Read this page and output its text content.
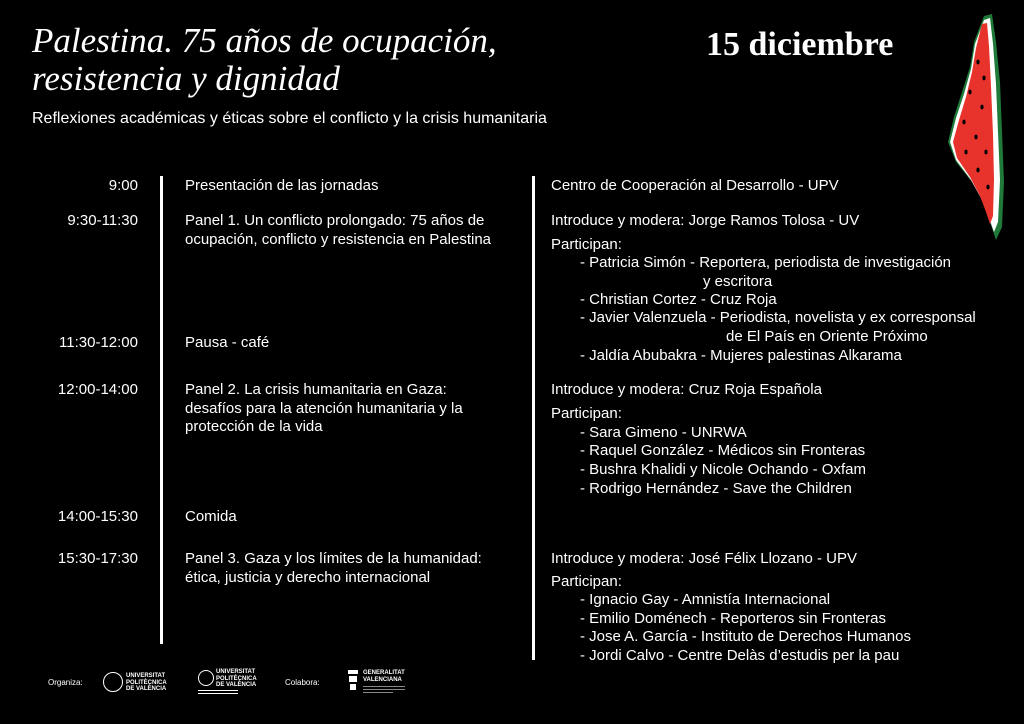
Palestina. 75 años de ocupación,
resistencia y dignidad
15 diciembre
Reflexiones académicas y éticas sobre el conflicto y la crisis humanitaria
9:00
9:30-11:30
11:30-12:00
12:00-14:00
14:00-15:30
15:30-17:30
Presentación de las jornadas
Panel 1. Un conflicto prolongado: 75 años de
ocupación, conflicto y resistencia en Palestina
Pausa - café
Panel 2. La crisis humanitaria en Gaza:
desafíos para la atención humanitaria y la
protección de la vida
Comida
Panel 3. Gaza y los límites de la humanidad:
ética, justicia y derecho internacional
Centro de Cooperación al Desarrollo - UPV
Introduce y modera: Jorge Ramos Tolosa - UV
Participan:
- Patricia Simón - Reportera, periodista de investigación
y escritora
- Christian Cortez - Cruz Roja
- Javier Valenzuela - Periodista, novelista y ex corresponsal
de El País en Oriente Próximo
- Jaldía Abubakra - Mujeres palestinas Alkarama
Introduce y modera: Cruz Roja Española
Participan:
- Sara Gimeno - UNRWA
- Raquel González - Médicos sin Fronteras
- Bushra Khalidi y Nicole Ochando - Oxfam
- Rodrigo Hernández - Save the Children
Introduce y modera: José Félix Llozano - UPV
Participan:
- Ignacio Gay - Amnistía Internacional
- Emilio Doménech - Reporteros sin Fronteras
- Jose A. García - Instituto de Derechos Humanos
- Jordi Calvo - Centre Delàs d’estudis per la pau
Organiza:
UNIVERSITAT
POLITÈCNICA
DE VALÈNCIA
UNIVERSITAT
POLITÈCNICA
DE VALÈNCIA	Colabora:
GENERALITAT
VALENCIANA
